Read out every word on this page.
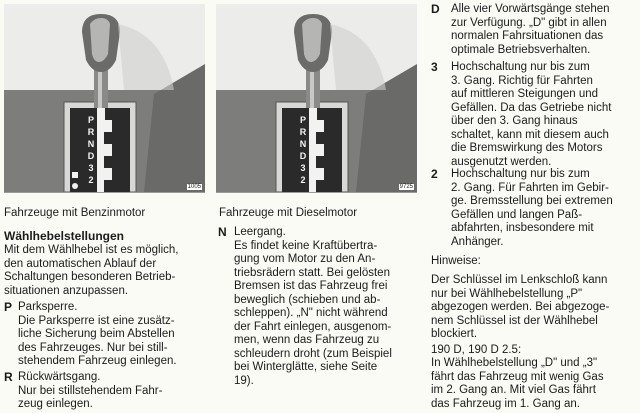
P
R
N
D
3
2
1005
P
R
N
D
3
2
9725
Fahrzeuge mit Benzinmotor	Fahrzeuge mit Dieselmotor
Wählhebelstellungen
Mit dem Wählhebel ist es möglich,
den automatischen Ablauf der
Schaltungen besonderen Betrieb-
situationen anzupassen.
P Parksperre.
Die Parksperre ist eine zusätz-
liche Sicherung beim Abstellen
des Fahrzeuges. Nur bei still-
stehendem Fahrzeug einlegen.
R Rückwärtsgang.
Nur bei stillstehendem Fahr-
zeug einlegen.
N Leergang.
Es findet keine Kraftübertra-
gung vom Motor zu den An-
triebsrädern statt. Bei gelösten
Bremsen ist das Fahrzeug frei
beweglich (schieben und ab-
schleppen). „N" nicht während
der Fahrt einlegen, ausgenom-
men, wenn das Fahrzeug zu
schleudern droht (zum Beispiel
bei Winterglätte, siehe Seite
19).
D Alle vier Vorwärtsgänge stehen
zur Verfügung. „D" gibt in allen
normalen Fahrsituationen das
optimale Betriebsverhalten.
3 Hochschaltung nur bis zum
3. Gang. Richtig für Fahrten
auf mittleren Steigungen und
Gefällen. Da das Getriebe nicht
über den 3. Gang hinaus
schaltet, kann mit diesem auch
die Bremswirkung des Motors
ausgenutzt werden.
2 Hochschaltung nur bis zum
2. Gang. Für Fahrten im Gebir-
ge. Bremsstellung bei extremen
Gefällen und langen Paß-
abfahrten, insbesondere mit
Anhänger.
Hinweise:
Der Schlüssel im Lenkschloß kann
nur bei Wählhebelstellung „P"
abgezogen werden. Bei abgezoge-
nem Schlüssel ist der Wählhebel
blockiert.
190 D, 190 D 2.5:
In Wählhebelstellung „D" und „3"
fährt das Fahrzeug mit wenig Gas
im 2. Gang an. Mit viel Gas fährt
das Fahrzeug im 1. Gang an.
